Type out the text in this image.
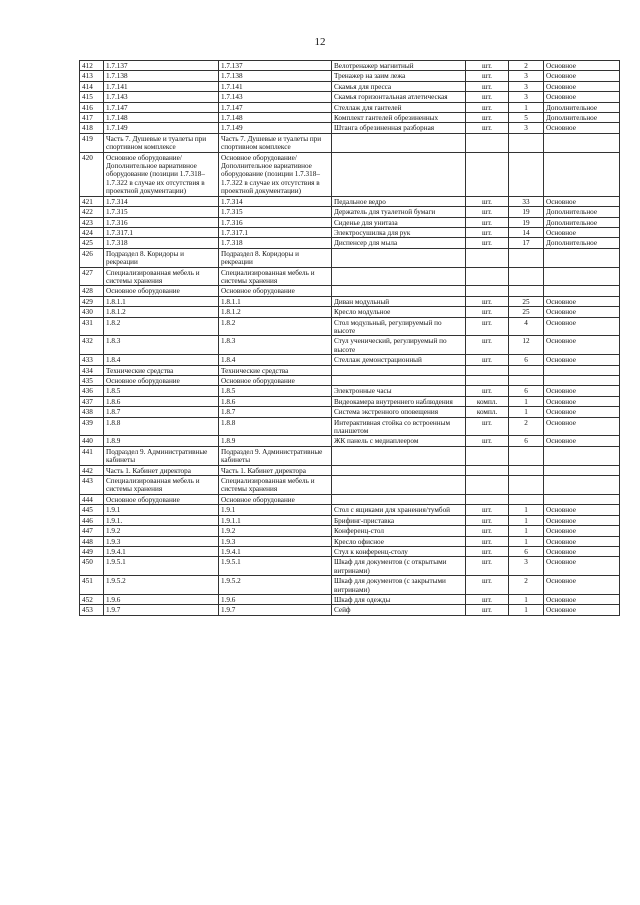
12
412	1.7.137	1.7.137	Велотренажер магнитный	шт.	2	Основное
413	1.7.138	1.7.138	Тренажер на заим лежа	шт.	3	Основное
414	1.7.141	1.7.141	Скамья для пресса	шт.	3	Основное
415	1.7.143	1.7.143	Скамья горизонтальная атлетическая	шт.	3	Основное
416	1.7.147	1.7.147	Стеллаж для гантелей	шт.	1	Дополнительное
417	1.7.148	1.7.148	Комплект гантелей обрезиненных	шт.	5	Дополнительное
418	1.7.149	1.7.149	Штанга обрезиненная разборная	шт.	3	Основное
419	Часть 7. Душевые и туалеты при спортивном комплексе	Часть 7. Душевые и туалеты при спортивном комплексе				
420	Основное оборудование/Дополнительное вариативное оборудование (позиции 1.7.318–1.7.322 в случае их отсутствия в проектной документации)	Основное оборудование/Дополнительное вариативное оборудование (позиции 1.7.318–1.7.322 в случае их отсутствия в проектной документации)				
421	1.7.314	1.7.314	Педальное ведро	шт.	33	Основное
422	1.7.315	1.7.315	Держатель для туалетной бумаги	шт.	19	Дополнительное
423	1.7.316	1.7.316	Сиденье для унитаза	шт.	19	Дополнительное
424	1.7.317.1	1.7.317.1	Электросушилка для рук	шт.	14	Основное
425	1.7.318	1.7.318	Диспенсер для мыла	шт.	17	Дополнительное
426	Подраздел 8. Коридоры и рекреации	Подраздел 8. Коридоры и рекреации				
427	Специализированная мебель и системы хранения	Специализированная мебель и системы хранения				
428	Основное оборудование	Основное оборудование				
429	1.8.1.1	1.8.1.1	Диван модульный	шт.	25	Основное
430	1.8.1.2	1.8.1.2	Кресло модульное	шт.	25	Основное
431	1.8.2	1.8.2	Стол модульный, регулируемый по высоте	шт.	4	Основное
432	1.8.3	1.8.3	Стул ученический, регулируемый по высоте	шт.	12	Основное
433	1.8.4	1.8.4	Стеллаж демонстрационный	шт.	6	Основное
434	Технические средства	Технические средства				
435	Основное оборудование	Основное оборудование				
436	1.8.5	1.8.5	Электронные часы	шт.	6	Основное
437	1.8.6	1.8.6	Видеокамера внутреннего наблюдения	компл.	1	Основное
438	1.8.7	1.8.7	Система экстренного оповещения	компл.	1	Основное
439	1.8.8	1.8.8	Интерактивная стойка со встроенным планшетом	шт.	2	Основное
440	1.8.9	1.8.9	ЖК панель с медиаплеером	шт.	6	Основное
441	Подраздел 9. Административные кабинеты	Подраздел 9. Административные кабинеты				
442	Часть 1. Кабинет директора	Часть 1. Кабинет директора				
443	Специализированная мебель и системы хранения	Специализированная мебель и системы хранения				
444	Основное оборудование	Основное оборудование				
445	1.9.1	1.9.1	Стол с ящиками для хранения/тумбой	шт.	1	Основное
446	1.9.1.	1.9.1.1	Брифинг-приставка	шт.	1	Основное
447	1.9.2	1.9.2	Конференц-стол	шт.	1	Основное
448	1.9.3	1.9.3	Кресло офисное	шт.	1	Основное
449	1.9.4.1	1.9.4.1	Стул к конференц-столу	шт.	6	Основное
450	1.9.5.1	1.9.5.1	Шкаф для документов (с открытыми витринами)	шт.	3	Основное
451	1.9.5.2	1.9.5.2	Шкаф для документов (с закрытыми витринами)	шт.	2	Основное
452	1.9.6	1.9.6	Шкаф для одежды	шт.	1	Основное
453	1.9.7	1.9.7	Сейф	шт.	1	Основное
